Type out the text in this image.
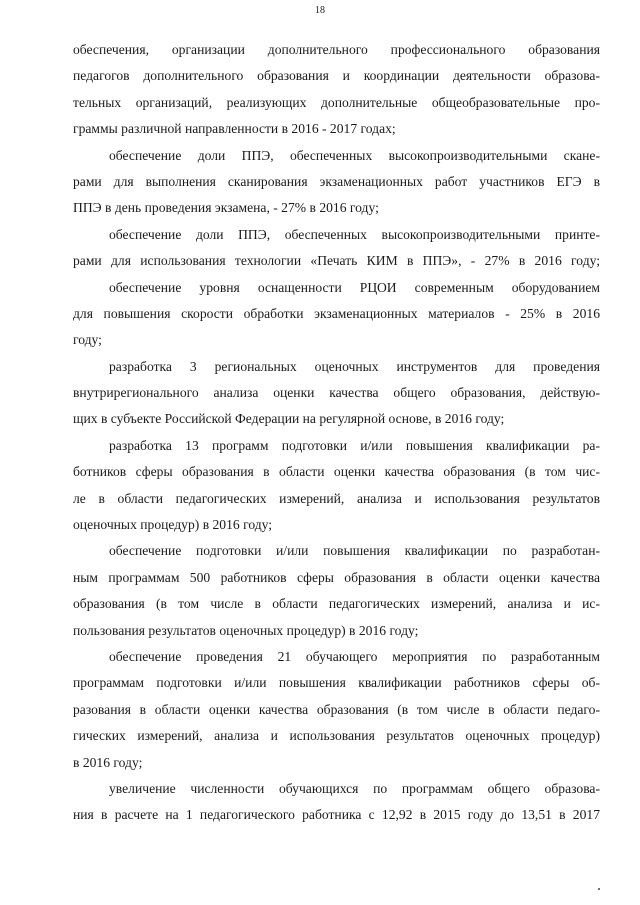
18
обеспечения, организации дополнительного профессионального образования
педагогов дополнительного образования и координации деятельности образова-
тельных организаций, реализующих дополнительные общеобразовательные про-
граммы различной направленности в 2016 - 2017 годах;
обеспечение доли ППЭ, обеспеченных высокопроизводительными скане-
рами для выполнения сканирования экзаменационных работ участников ЕГЭ в
ППЭ в день проведения экзамена, - 27% в 2016 году;
обеспечение доли ППЭ, обеспеченных высокопроизводительными принте-
рами для использования технологии «Печать КИМ в ППЭ», - 27% в 2016 году;
обеспечение уровня оснащенности РЦОИ современным оборудованием
для повышения скорости обработки экзаменационных материалов - 25% в 2016
году;
разработка 3 региональных оценочных инструментов для проведения
внутрирегионального анализа оценки качества общего образования, действую-
щих в субъекте Российской Федерации на регулярной основе, в 2016 году;
разработка 13 программ подготовки и/или повышения квалификации ра-
ботников сферы образования в области оценки качества образования (в том чис-
ле в области педагогических измерений, анализа и использования результатов
оценочных процедур) в 2016 году;
обеспечение подготовки и/или повышения квалификации по разработан-
ным программам 500 работников сферы образования в области оценки качества
образования (в том числе в области педагогических измерений, анализа и ис-
пользования результатов оценочных процедур) в 2016 году;
обеспечение проведения 21 обучающего мероприятия по разработанным
программам подготовки и/или повышения квалификации работников сферы об-
разования в области оценки качества образования (в том числе в области педаго-
гических измерений, анализа и использования результатов оценочных процедур)
в 2016 году;
увеличение численности обучающихся по программам общего образова-
ния в расчете на 1 педагогического работника с 12,92 в 2015 году до 13,51 в 2017
